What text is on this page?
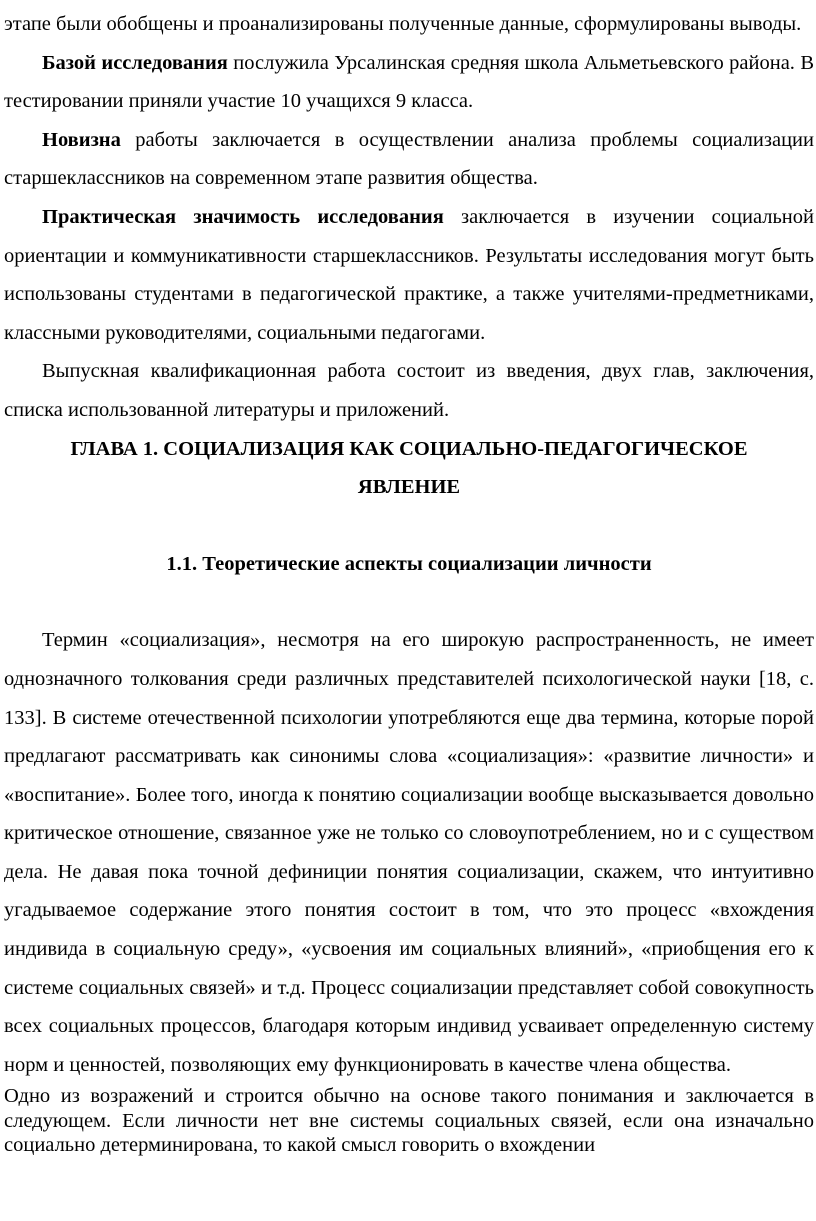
этапе были обобщены и проанализированы полученные данные, сформулированы выводы.

Базой исследования послужила Урсалинская средняя школа Альметьевского района. В тестировании приняли участие 10 учащихся 9 класса.

Новизна работы заключается в осуществлении анализа проблемы социализации старшеклассников на современном этапе развития общества.

Практическая значимость исследования заключается в изучении социальной ориентации и коммуникативности старшеклассников. Результаты исследования могут быть использованы студентами в педагогической практике, а также учителями-предметниками, классными руководителями, социальными педагогами.

Выпускная квалификационная работа состоит из введения, двух глав, заключения, списка использованной литературы и приложений.

ГЛАВА 1. СОЦИАЛИЗАЦИЯ КАК СОЦИАЛЬНО-ПЕДАГОГИЧЕСКОЕ
ЯВЛЕНИЕ
1.1. Теоретические аспекты социализации личности

Термин «социализация», несмотря на его широкую распространенность, не имеет однозначного толкования среди различных представителей психологической науки [18, с. 133]. В системе отечественной психологии употребляются еще два термина, которые порой предлагают рассматривать как синонимы слова «социализация»: «развитие личности» и «воспитание». Более того, иногда к понятию социализации вообще высказывается довольно критическое отношение, связанное уже не только со словоупотреблением, но и с существом дела. Не давая пока точной дефиниции понятия социализации, скажем, что интуитивно угадываемое содержание этого понятия состоит в том, что это процесс «вхождения индивида в социальную среду», «усвоения им социальных влияний», «приобщения его к системе социальных связей» и т.д. Процесс социализации представляет собой совокупность всех социальных процессов, благодаря которым индивид усваивает определенную систему норм и ценностей, позволяющих ему функционировать в качестве члена общества.

Одно из возражений и строится обычно на основе такого понимания и заключается в следующем. Если личности нет вне системы социальных связей, если она изначально социально детерминирована, то какой смысл говорить о вхождении
